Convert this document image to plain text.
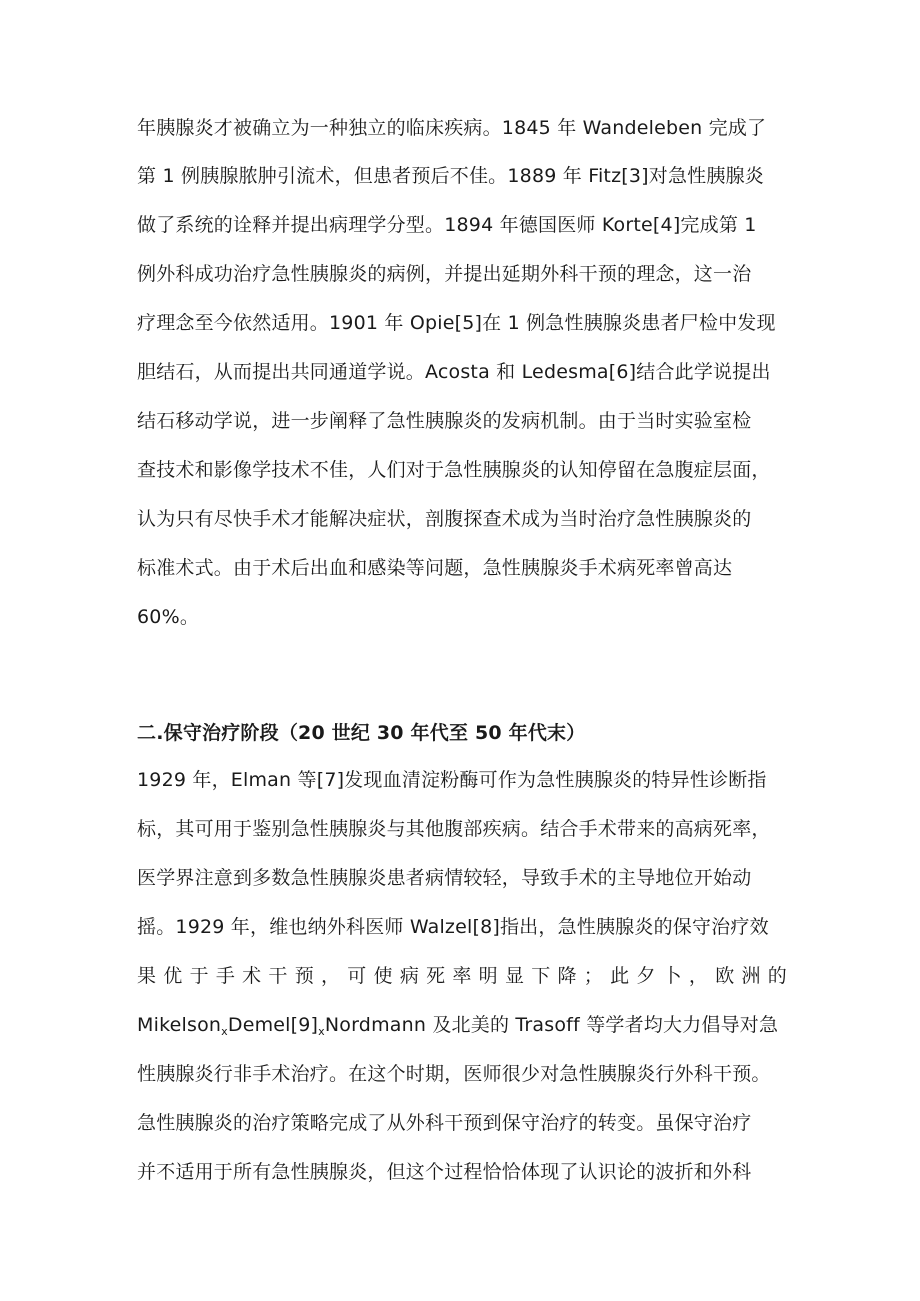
年胰腺炎才被确立为一种独立的临床疾病。1845 年 Wandeleben 完成了
第 1 例胰腺脓肿引流术，但患者预后不佳。1889 年 Fitz[3]对急性胰腺炎
做了系统的诠释并提出病理学分型。1894 年德国医师 Korte[4]完成第 1
例外科成功治疗急性胰腺炎的病例，并提出延期外科干预的理念，这一治
疗理念至今依然适用。1901 年 Opie[5]在 1 例急性胰腺炎患者尸检中发现
胆结石，从而提出共同通道学说。Acosta 和 Ledesma[6]结合此学说提出
结石移动学说，进一步阐释了急性胰腺炎的发病机制。由于当时实验室检
查技术和影像学技术不佳，人们对于急性胰腺炎的认知停留在急腹症层面，
认为只有尽快手术才能解决症状，剖腹探查术成为当时治疗急性胰腺炎的
标准术式。由于术后出血和感染等问题，急性胰腺炎手术病死率曾高达
60%。
二.保守治疗阶段（20 世纪 30 年代至 50 年代末）
1929 年，Elman 等[7]发现血清淀粉酶可作为急性胰腺炎的特异性诊断指
标，其可用于鉴别急性胰腺炎与其他腹部疾病。结合手术带来的高病死率，
医学界注意到多数急性胰腺炎患者病情较轻，导致手术的主导地位开始动
摇。1929 年，维也纳外科医师 Walzel[8]指出，急性胰腺炎的保守治疗效
果 优 于 手 术 干 预 ， 可 使 病 死 率 明 显 下 降 ； 此 夕 卜 ， 欧 洲 的
$Mikelson_xDemel[9]_xNordmann$ 及北美的 Trasoff 等学者均大力倡导对急
性胰腺炎行非手术治疗。在这个时期，医师很少对急性胰腺炎行外科干预。
急性胰腺炎的治疗策略完成了从外科干预到保守治疗的转变。虽保守治疗
并不适用于所有急性胰腺炎，但这个过程恰恰体现了认识论的波折和外科
